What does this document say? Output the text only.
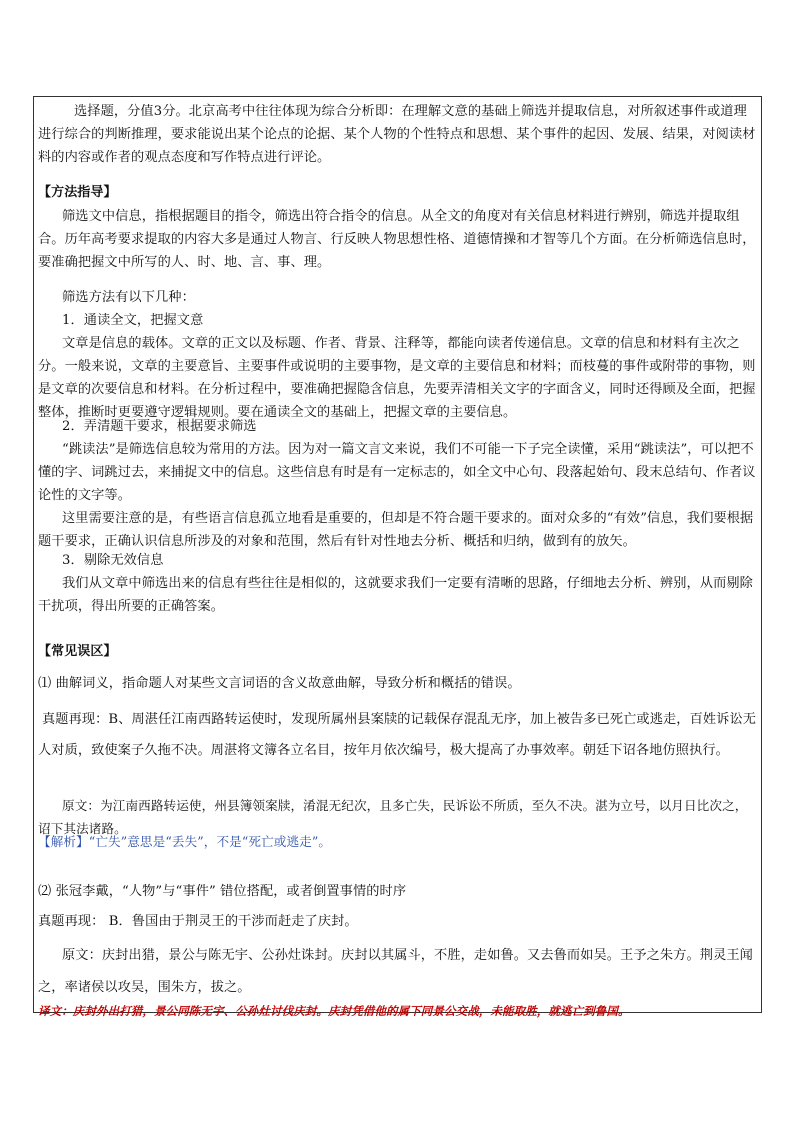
选择题，分值3分。北京高考中往往体现为综合分析即：在理解文意的基础上筛选并提取信息，对所叙述事件或道理进行综合的判断推理，要求能说出某个论点的论据、某个人物的个性特点和思想、某个事件的起因、发展、结果，对阅读材料的内容或作者的观点态度和写作特点进行评论。

【方法指导】

筛选文中信息，指根据题目的指令，筛选出符合指令的信息。从全文的角度对有关信息材料进行辨别，筛选并提取组合。历年高考要求提取的内容大多是通过人物言、行反映人物思想性格、道德情操和才智等几个方面。在分析筛选信息时，要准确把握文中所写的人、时、地、言、事、理。

筛选方法有以下几种：

1．通读全文，把握文意

文章是信息的载体。文章的正文以及标题、作者、背景、注释等，都能向读者传递信息。文章的信息和材料有主次之分。一般来说，文章的主要意旨、主要事件或说明的主要事物，是文章的主要信息和材料；而枝蔓的事件或附带的事物，则是文章的次要信息和材料。在分析过程中，要准确把握隐含信息，先要弄清相关文字的字面含义，同时还得顾及全面，把握整体，推断时更要遵守逻辑规则。要在通读全文的基础上，把握文章的主要信息。

2．弄清题干要求，根据要求筛选

“跳读法”是筛选信息较为常用的方法。因为对一篇文言文来说，我们不可能一下子完全读懂，采用“跳读法”，可以把不懂的字、词跳过去，来捕捉文中的信息。这些信息有时是有一定标志的，如全文中心句、段落起始句、段末总结句、作者议论性的文字等。

这里需要注意的是，有些语言信息孤立地看是重要的，但却是不符合题干要求的。面对众多的“有效”信息，我们要根据题干要求，正确认识信息所涉及的对象和范围，然后有针对性地去分析、概括和归纳，做到有的放矢。

3．剔除无效信息

我们从文章中筛选出来的信息有些往往是相似的，这就要求我们一定要有清晰的思路，仔细地去分析、辨别，从而剔除干扰项，得出所要的正确答案。

【常见误区】

⑴ 曲解词义，指命题人对某些文言词语的含义故意曲解，导致分析和概括的错误。

真题再现：B、周湛任江南西路转运使时，发现所属州县案牍的记载保存混乱无序，加上被告多已死亡或逃走，百姓诉讼无人对质，致使案子久拖不决。周湛将文簿各立名目，按年月依次编号，极大提高了办事效率。朝廷下诏各地仿照执行。

原文：为江南西路转运使，州县簿领案牍，淆混无纪次，且多亡失，民诉讼不所质，至久不决。湛为立号，以月日比次之，诏下其法诸路。

【解析】“亡失”意思是“丢失”，不是“死亡或逃走”。

⑵ 张冠李戴，“人物”与“事件” 错位搭配，或者倒置事情的时序

真题再现： B．鲁国由于荆灵王的干涉而赶走了庆封。

原文：庆封出猎，景公与陈无宇、公孙灶诛封。庆封以其属斗，不胜，走如鲁。又去鲁而如吴。王予之朱方。荆灵王闻之，率诸侯以攻吴，围朱方，拔之。

译文：庆封外出打猎，景公同陈无宇、公孙灶讨伐庆封。庆封凭借他的属下同景公交战，未能取胜，就逃亡到鲁国。
